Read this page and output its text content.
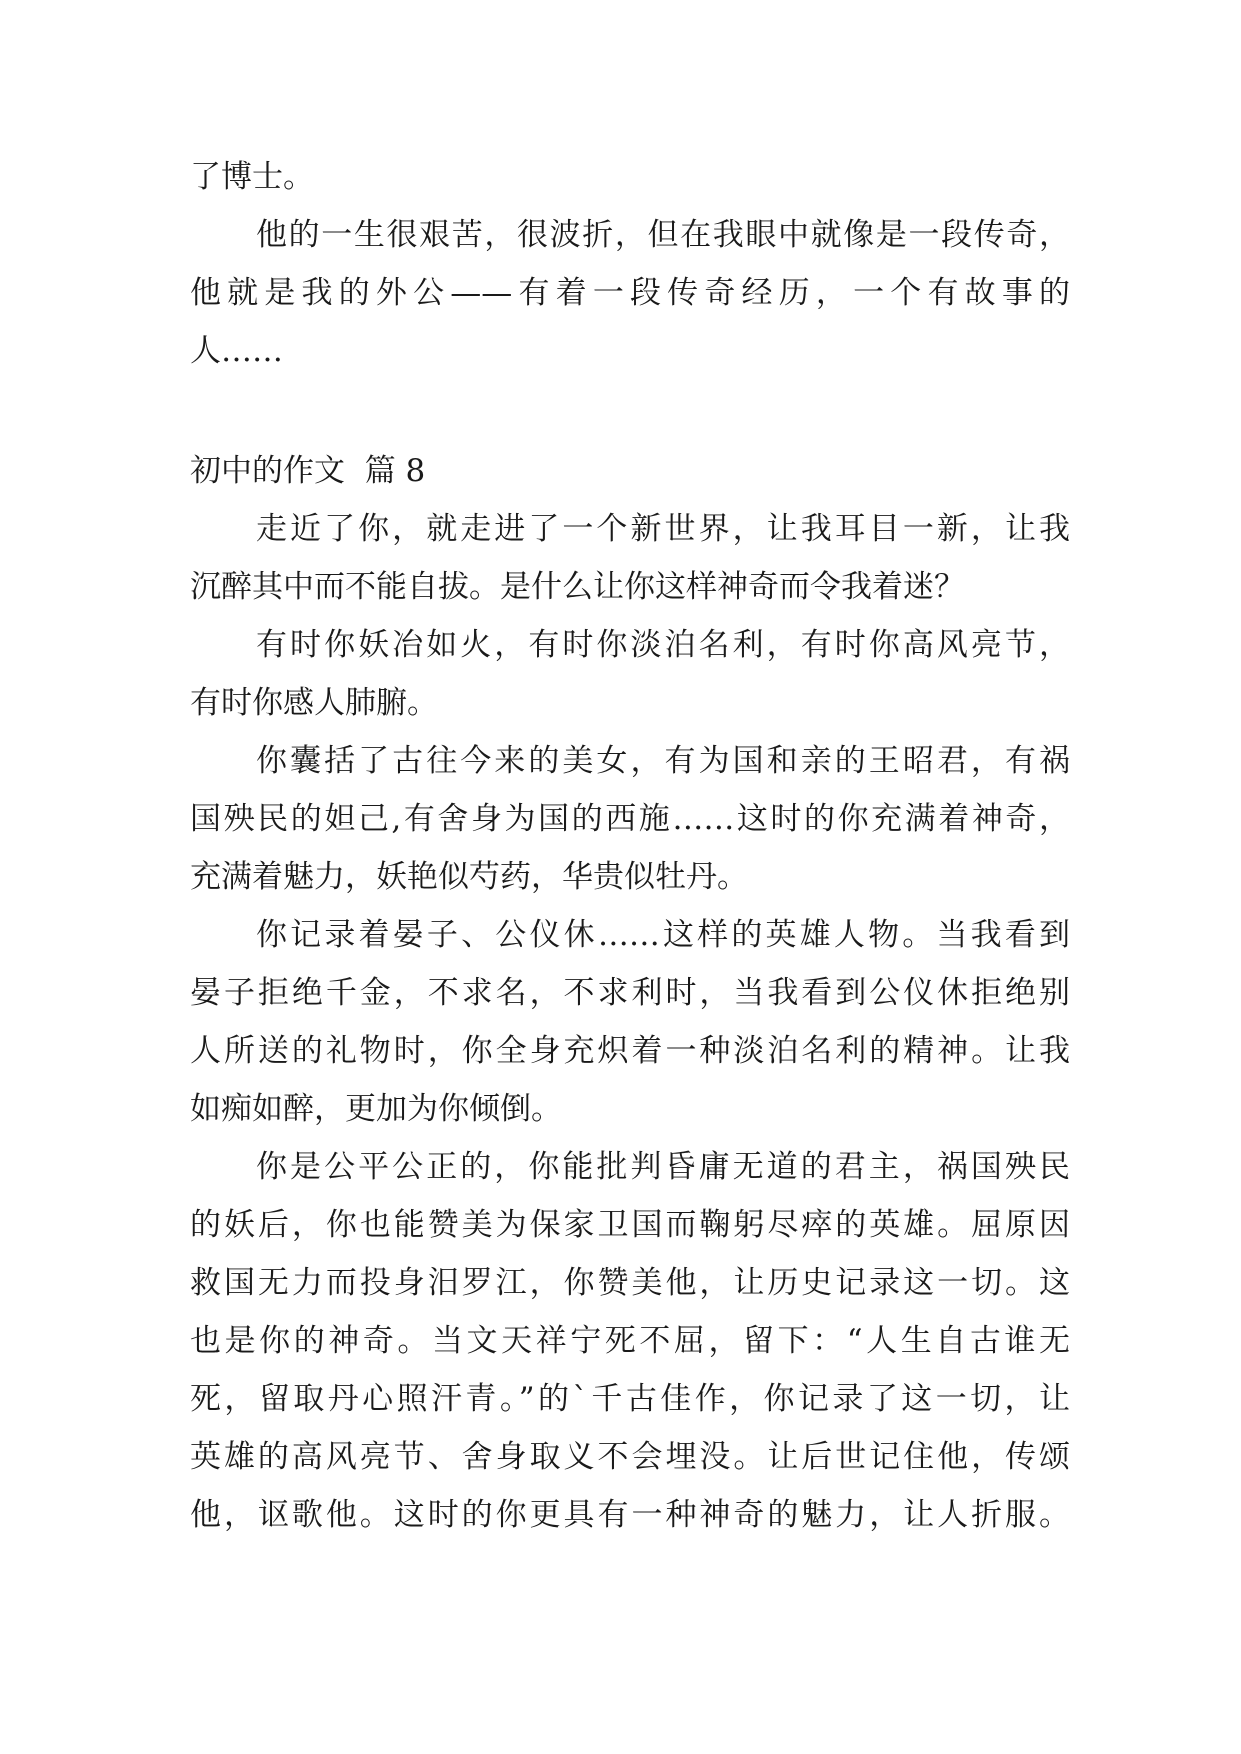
了博士。
他的一生很艰苦，很波折，但在我眼中就像是一段传奇，
他就是我的外公——有着一段传奇经历，一个有故事的
人……
初中的作文  篇 8
走近了你，就走进了一个新世界，让我耳目一新，让我
沉醉其中而不能自拔。是什么让你这样神奇而令我着迷？
有时你妖冶如火，有时你淡泊名利，有时你高风亮节，
有时你感人肺腑。
你囊括了古往今来的美女，有为国和亲的王昭君，有祸
国殃民的妲己,有舍身为国的西施……这时的你充满着神奇，
充满着魅力，妖艳似芍药，华贵似牡丹。
你记录着晏子、公仪休……这样的英雄人物。当我看到
晏子拒绝千金，不求名，不求利时，当我看到公仪休拒绝别
人所送的礼物时，你全身充炽着一种淡泊名利的精神。让我
如痴如醉，更加为你倾倒。
你是公平公正的，你能批判昏庸无道的君主，祸国殃民
的妖后，你也能赞美为保家卫国而鞠躬尽瘁的英雄。屈原因
救国无力而投身汨罗江，你赞美他，让历史记录这一切。这
也是你的神奇。当文天祥宁死不屈，留下：“人生自古谁无
死，留取丹心照汗青。”的`千古佳作，你记录了这一切，让
英雄的高风亮节、舍身取义不会埋没。让后世记住他，传颂
他，讴歌他。这时的你更具有一种神奇的魅力，让人折服。
